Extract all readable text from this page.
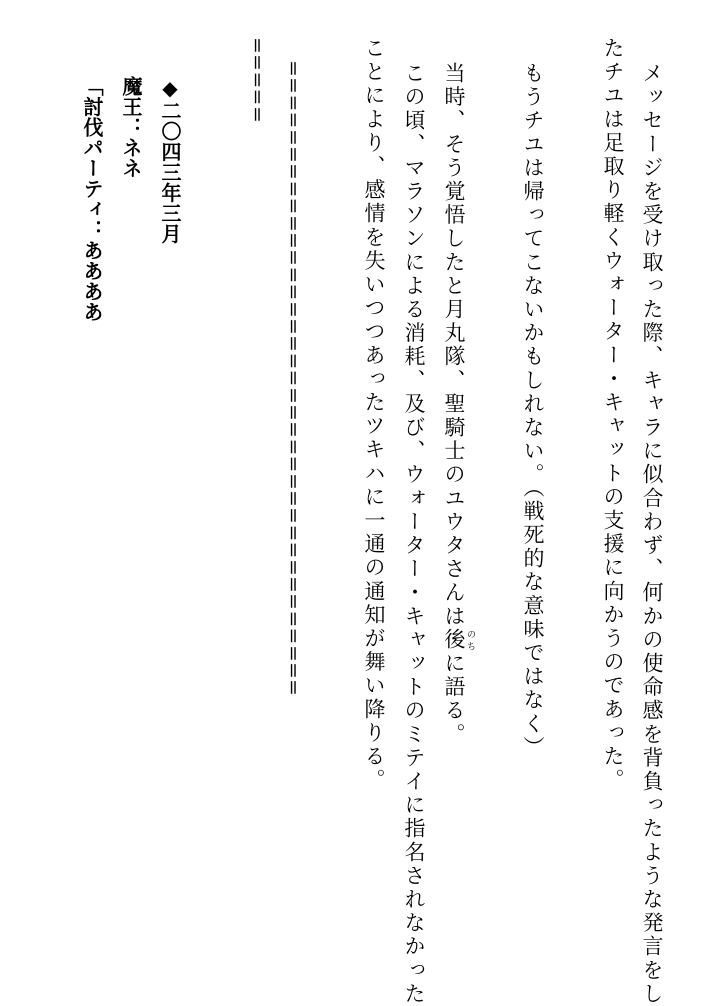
メッセージを受け取った際、キャラに似合わず、何かの使命感を背負ったような発言をし
たチユは足取り軽くウォーター・キャットの支援に向かうのであった。
もうチユは帰ってこないかもしれない。（戦死的な意味ではなく）
当時、そう覚悟したと月丸隊、聖騎士のユウタさんは後 のちに語る。
この頃、マラソンによる消耗、及び、ウォーター・キャットのミテイに指名されなかった
ことにより、感情を失いつつあったツキハに一通の通知が舞い降りる。
＝＝＝＝＝＝＝＝＝＝＝＝＝＝＝＝＝＝＝＝＝＝＝＝＝＝＝＝＝＝＝＝＝＝＝＝＝
＝＝＝＝＝
◆二〇四三年三月
魔王：ネネ
「討伐パーティ：ああああ
